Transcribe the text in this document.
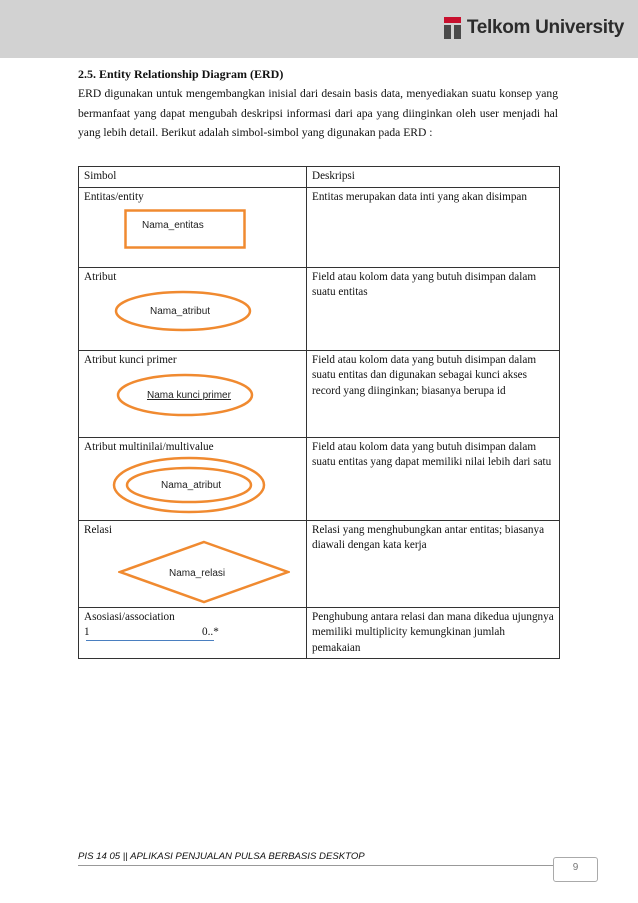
Telkom University
2.5. Entity Relationship Diagram (ERD)
ERD digunakan untuk mengembangkan inisial dari desain basis data, menyediakan suatu konsep yang bermanfaat yang dapat mengubah deskripsi informasi dari apa yang diinginkan oleh user menjadi hal yang lebih detail. Berikut adalah simbol-simbol yang digunakan pada ERD :
Simbol	Deskripsi

Entitas/entity
Nama_entitas	Entitas merupakan data inti yang akan disimpan

Atribut
Nama_atribut	Field atau kolom data yang butuh disimpan dalam suatu entitas

Atribut kunci primer
Nama kunci primer	Field atau kolom data yang butuh disimpan dalam suatu entitas dan digunakan sebagai kunci akses record yang diinginkan; biasanya berupa id

Atribut multinilai/multivalue
Nama_atribut	Field atau kolom data yang butuh disimpan dalam suatu entitas yang dapat memiliki nilai lebih dari satu

Relasi
Nama_relasi	Relasi yang menghubungkan antar entitas; biasanya diawali dengan kata kerja

Asosiasi/association
1 0..*	Penghubung antara relasi dan mana dikedua ujungnya memiliki multiplicity kemungkinan jumlah pemakaian
PIS 14 05 || APLIKASI PENJUALAN PULSA BERBASIS DESKTOP
9
